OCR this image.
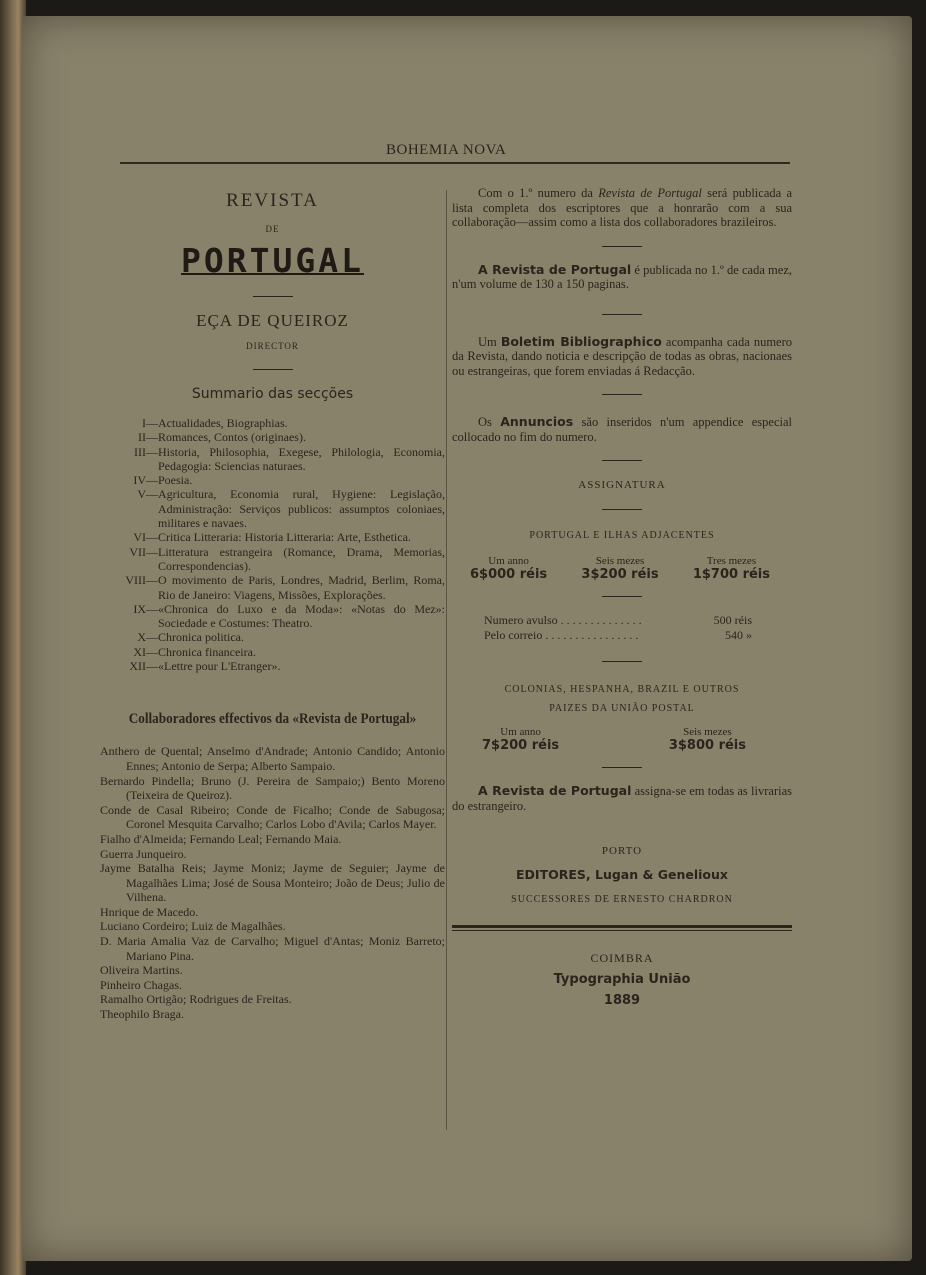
BOHEMIA NOVA
REVISTA
DE
PORTUGAL
EÇA DE QUEIROZ
DIRECTOR
Summario das secções
I— Actualidades, Biographias.
II— Romances, Contos (originaes).
III— Historia, Philosophia, Exegese, Philologia, Economia, Pedagogia: Sciencias naturaes.
IV— Poesia.
V— Agricultura, Economia rural, Hygiene: Legislação, Administração: Serviços publicos: assumptos coloniaes, militares e navaes.
VI— Critica Litteraria: Historia Litteraria: Arte, Esthetica.
VII— Litteratura estrangeira (Romance, Drama, Memorias, Correspondencias).
VIII— O movimento de Paris, Londres, Madrid, Berlim, Roma, Rio de Janeiro: Viagens, Missões, Explorações.
IX— «Chronica do Luxo e da Moda»: «Notas do Mez»: Sociedade e Costumes: Theatro.
X— Chronica politica.
XI— Chronica financeira.
XII— «Lettre pour L'Etranger».
Collaboradores effectivos da «Revista de Portugal»
Anthero de Quental; Anselmo d'Andrade; Antonio Candido; Antonio Ennes; Antonio de Serpa; Alberto Sampaio.
Bernardo Pindella; Bruno (J. Pereira de Sampaio;) Bento Moreno (Teixeira de Queiroz).
Conde de Casal Ribeiro; Conde de Ficalho; Conde de Sabugosa; Coronel Mesquita Carvalho; Carlos Lobo d'Avila; Carlos Mayer.
Fialho d'Almeida; Fernando Leal; Fernando Maia.
Guerra Junqueiro.
Jayme Batalha Reis; Jayme Moniz; Jayme de Seguier; Jayme de Magalhães Lima; José de Sousa Monteiro; João de Deus; Julio de Vilhena.
Hnrique de Macedo.
Luciano Cordeiro; Luiz de Magalhães.
D. Maria Amalia Vaz de Carvalho; Miguel d'Antas; Moniz Barreto; Mariano Pina.
Oliveira Martins.
Pinheiro Chagas.
Ramalho Ortigão; Rodrigues de Freitas.
Theophilo Braga.
Com o 1.º numero da Revista de Portugal será publicada a lista completa dos escriptores que a honrarão com a sua collaboração—assim como a lista dos collaboradores brazileiros.
A Revista de Portugal é publicada no 1.º de cada mez, n'um volume de 130 a 150 paginas.
Um Boletim Bibliographico acompanha cada numero da Revista, dando noticia e descripção de todas as obras, nacionaes ou estrangeiras, que forem enviadas á Redacção.
Os Annuncios são inseridos n'um appendice especial collocado no fim do numero.
ASSIGNATURA
PORTUGAL E ILHAS ADJACENTES
Um anno
6$000 réis
Seis mezes
3$200 réis
Tres mezes
1$700 réis
Numero avulso . . . . . . . . . . . . . .	500 réis
Pelo correio . . . . . . . . . . . . . . . .	540 »
COLONIAS, HESPANHA, BRAZIL E OUTROS
PAIZES DA UNIÃO POSTAL
Um anno
7$200 réis
Seis mezes
3$800 réis
A Revista de Portugal assigna-se em todas as livrarias do estrangeiro.
PORTO
EDITORES, Lugan & Genelioux
SUCCESSORES DE ERNESTO CHARDRON
COIMBRA
Typographia União
1889
